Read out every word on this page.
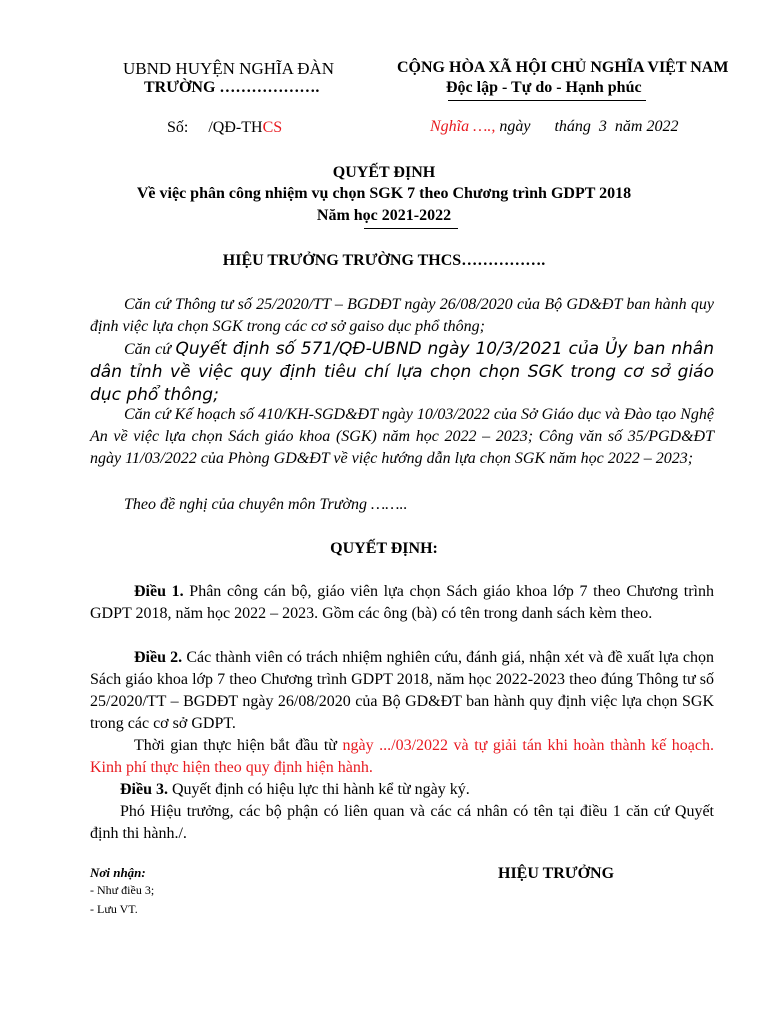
UBND HUYỆN NGHĨA ĐÀN
TRƯỜNG ……………….
CỘNG HÒA XÃ HỘI CHỦ NGHĨA VIỆT NAM
Độc lập - Tự do - Hạnh phúc
Số:     /QĐ-THCS	Nghĩa …., ngày      tháng  3  năm 2022
QUYẾT ĐỊNH
Về việc phân công nhiệm vụ chọn SGK 7 theo Chương trình GDPT 2018
Năm học 2021-2022
HIỆU TRƯỞNG TRƯỜNG THCS…………….
Căn cứ Thông tư số 25/2020/TT – BGDĐT ngày 26/08/2020 của Bộ GD&ĐT ban hành quy định việc lựa chọn SGK trong các cơ sở gaiso dục phổ thông;
Căn cứ Quyết định số 571/QĐ-UBND ngày 10/3/2021 của Ủy ban nhân dân tỉnh về việc quy định tiêu chí lựa chọn chọn SGK trong cơ sở giáo dục phổ thông;
Căn cứ Kế hoạch số 410/KH-SGD&ĐT ngày 10/03/2022 của Sở Giáo dục và Đào tạo Nghệ An về việc lựa chọn Sách giáo khoa (SGK) năm học 2022 – 2023; Công văn số 35/PGD&ĐT ngày 11/03/2022 của Phòng GD&ĐT về việc hướng dẫn lựa chọn SGK năm học 2022 – 2023;
Theo đề nghị của chuyên môn Trường ……..
QUYẾT ĐỊNH:
Điều 1. Phân công cán bộ, giáo viên lựa chọn Sách giáo khoa lớp 7 theo Chương trình GDPT 2018, năm học 2022 – 2023. Gồm các ông (bà) có tên trong danh sách kèm theo.
Điều 2. Các thành viên có trách nhiệm nghiên cứu, đánh giá, nhận xét và đề xuất lựa chọn Sách giáo khoa lớp 7 theo Chương trình GDPT 2018, năm học 2022-2023 theo đúng Thông tư số 25/2020/TT – BGDĐT ngày 26/08/2020 của Bộ GD&ĐT ban hành quy định việc lựa chọn SGK trong các cơ sở GDPT.
Thời gian thực hiện bắt đầu từ ngày .../03/2022 và tự giải tán khi hoàn thành kế hoạch. Kinh phí thực hiện theo quy định hiện hành.
Điều 3. Quyết định có hiệu lực thi hành kể từ ngày ký.
Phó Hiệu trưởng, các bộ phận có liên quan và các cá nhân có tên tại điều 1 căn cứ Quyết định thi hành./.
Nơi nhận:
- Như điều 3;
- Lưu VT.
HIỆU TRƯỞNG
